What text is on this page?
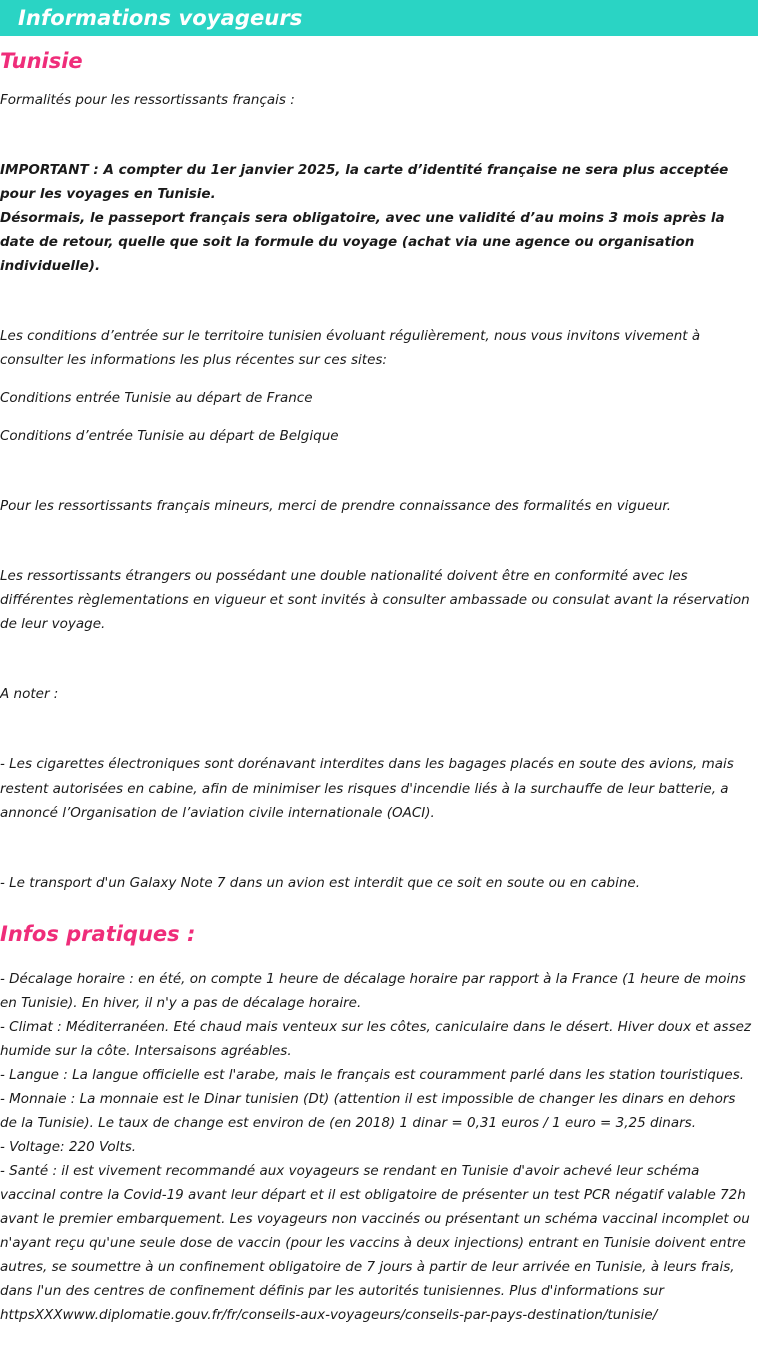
Informations voyageurs
Tunisie

Formalités pour les ressortissants français :

IMPORTANT : A compter du 1er janvier 2025, la carte d’identité française ne sera plus acceptée pour les voyages en Tunisie.

Désormais, le passeport français sera obligatoire, avec une validité d’au moins 3 mois après la date de retour, quelle que soit la formule du voyage (achat via une agence ou organisation individuelle).

Les conditions d’entrée sur le territoire tunisien évoluant régulièrement, nous vous invitons vivement à consulter les informations les plus récentes sur ces sites:

Conditions entrée Tunisie au départ de France

Conditions d’entrée Tunisie au départ de Belgique

Pour les ressortissants français mineurs, merci de prendre connaissance des formalités en vigueur.

Les ressortissants étrangers ou possédant une double nationalité doivent être en conformité avec les différentes règlementations en vigueur et sont invités à consulter ambassade ou consulat avant la réservation de leur voyage.

A noter :

- Les cigarettes électroniques sont dorénavant interdites dans les bagages placés en soute des avions, mais restent autorisées en cabine, afin de minimiser les risques d'incendie liés à la surchauffe de leur batterie, a annoncé l’Organisation de l’aviation civile internationale (OACI).

- Le transport d'un Galaxy Note 7 dans un avion est interdit que ce soit en soute ou en cabine.

Infos pratiques :

- Décalage horaire : en été, on compte 1 heure de décalage horaire par rapport à la France (1 heure de moins en Tunisie). En hiver, il n'y a pas de décalage horaire.

- Climat : Méditerranéen. Eté chaud mais venteux sur les côtes, caniculaire dans le désert. Hiver doux et assez humide sur la côte. Intersaisons agréables.

- Langue : La langue officielle est l'arabe, mais le français est couramment parlé dans les station touristiques.

- Monnaie : La monnaie est le Dinar tunisien (Dt) (attention il est impossible de changer les dinars en dehors de la Tunisie). Le taux de change est environ de (en 2018) 1 dinar = 0,31 euros / 1 euro = 3,25 dinars.

- Voltage: 220 Volts.

- Santé : il est vivement recommandé aux voyageurs se rendant en Tunisie d'avoir achevé leur schéma vaccinal contre la Covid-19 avant leur départ et il est obligatoire de présenter un test PCR négatif valable 72h avant le premier embarquement. Les voyageurs non vaccinés ou présentant un schéma vaccinal incomplet ou n'ayant reçu qu'une seule dose de vaccin (pour les vaccins à deux injections) entrant en Tunisie doivent entre autres, se soumettre à un confinement obligatoire de 7 jours à partir de leur arrivée en Tunisie, à leurs frais, dans l'un des centres de confinement définis par les autorités tunisiennes. Plus d'informations sur httpsXXXwww.diplomatie.gouv.fr/fr/conseils-aux-voyageurs/conseils-par-pays-destination/tunisie/
